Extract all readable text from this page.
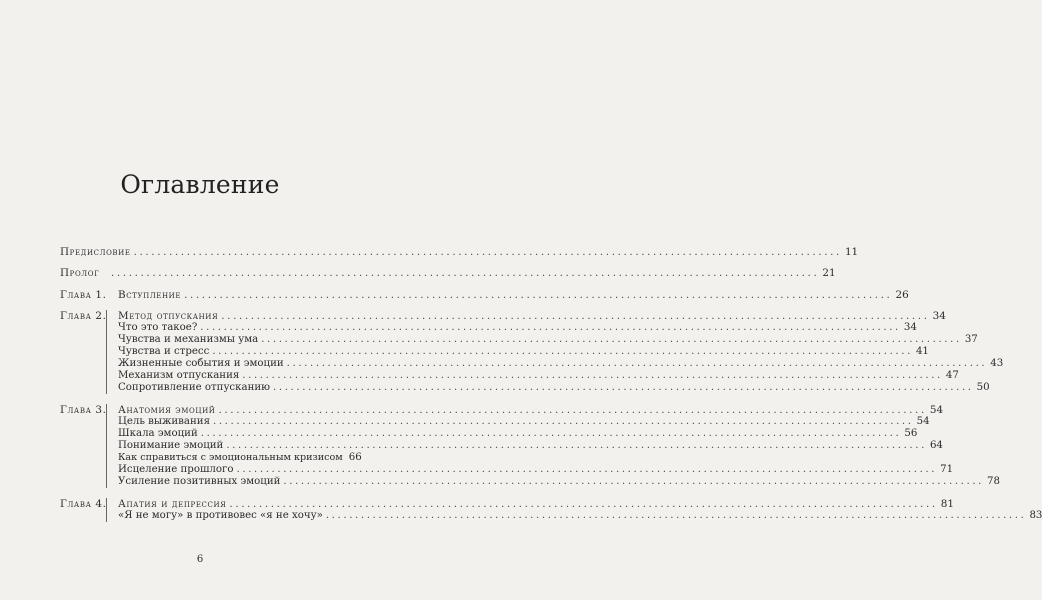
Оглавление
Предисловие ........................................................................................................................ 11
Пролог	........................................................................................................................ 21
Глава 1.	Вступление ........................................................................................................................ 26
Глава 2.	Метод отпускания ........................................................................................................................ 34
Что это такое? ........................................................................................................................ 34
Чувства и механизмы ума ........................................................................................................................ 37
Чувства и стресс ........................................................................................................................ 41
Жизненные события и эмоции ........................................................................................................................ 43
Механизм отпускания ........................................................................................................................ 47
Сопротивление отпусканию ........................................................................................................................ 50
Глава 3.	Анатомия эмоций ........................................................................................................................ 54
Цель выживания ........................................................................................................................ 54
Шкала эмоций ........................................................................................................................ 56
Понимание эмоций ........................................................................................................................ 64
Как справиться с эмоциональным кризисом 66
Исцеление прошлого ........................................................................................................................ 71
Усиление позитивных эмоций ........................................................................................................................ 78
Глава 4.	Апатия и депрессия ........................................................................................................................ 81
«Я не могу» в противовес «я не хочу» ........................................................................................................................ 83
6
